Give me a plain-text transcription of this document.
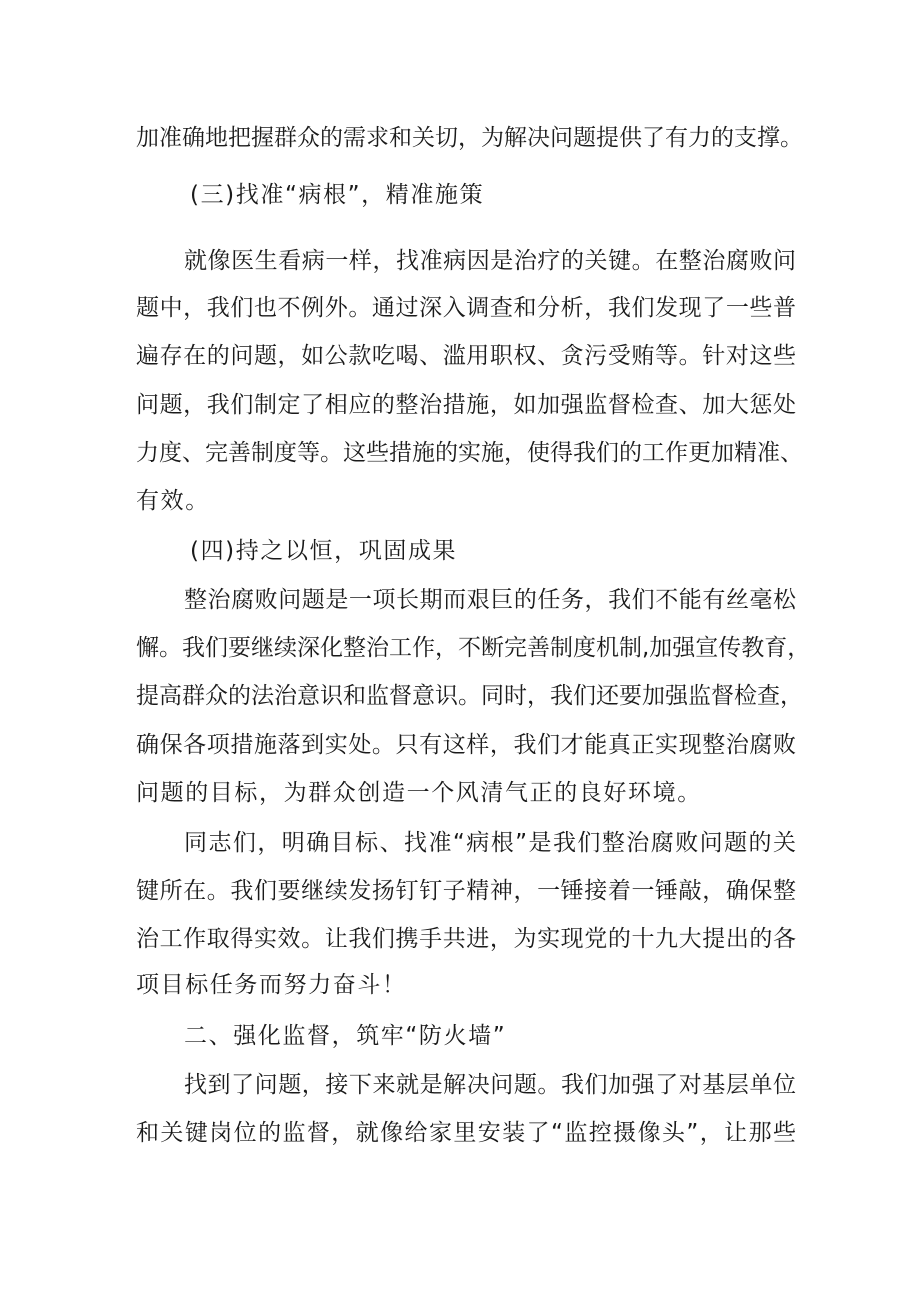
加准确地把握群众的需求和关切，为解决问题提供了有力的支撑。
(三)找准“病根”，精准施策
就像医生看病一样，找准病因是治疗的关键。在整治腐败问
题中，我们也不例外。通过深入调查和分析，我们发现了一些普
遍存在的问题，如公款吃喝、滥用职权、贪污受贿等。针对这些
问题，我们制定了相应的整治措施，如加强监督检查、加大惩处
力度、完善制度等。这些措施的实施，使得我们的工作更加精准、
有效。
(四)持之以恒，巩固成果
整治腐败问题是一项长期而艰巨的任务，我们不能有丝毫松
懈。我们要继续深化整治工作，不断完善制度机制,加强宣传教育，
提高群众的法治意识和监督意识。同时，我们还要加强监督检查，
确保各项措施落到实处。只有这样，我们才能真正实现整治腐败
问题的目标，为群众创造一个风清气正的良好环境。
同志们，明确目标、找准“病根”是我们整治腐败问题的关
键所在。我们要继续发扬钉钉子精神，一锤接着一锤敲，确保整
治工作取得实效。让我们携手共进，为实现党的十九大提出的各
项目标任务而努力奋斗！
二、强化监督，筑牢“防火墙”
找到了问题，接下来就是解决问题。我们加强了对基层单位
和关键岗位的监督，就像给家里安装了“监控摄像头”，让那些
